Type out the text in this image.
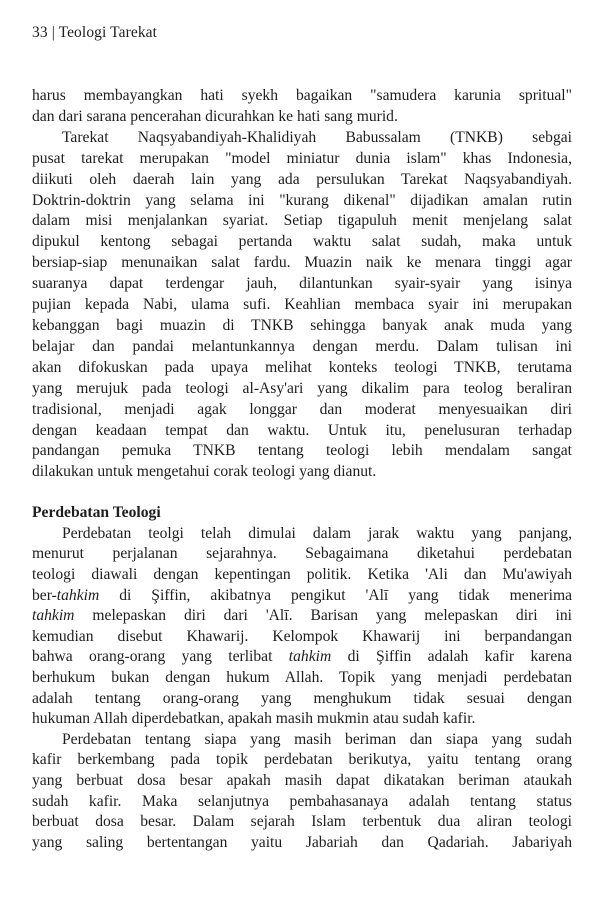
33 | Teologi Tarekat
harus membayangkan hati syekh bagaikan "samudera karunia spritual"
dan dari sarana pencerahan dicurahkan ke hati sang murid.
Tarekat Naqsyabandiyah-Khalidiyah Babussalam (TNKB) sebgai
pusat tarekat merupakan "model miniatur dunia islam" khas Indonesia,
diikuti oleh daerah lain yang ada persulukan Tarekat Naqsyabandiyah.
Doktrin-doktrin yang selama ini "kurang dikenal" dijadikan amalan rutin
dalam misi menjalankan syariat. Setiap tigapuluh menit menjelang salat
dipukul kentong sebagai pertanda waktu salat sudah, maka untuk
bersiap-siap menunaikan salat fardu. Muazin naik ke menara tinggi agar
suaranya dapat terdengar jauh, dilantunkan syair-syair yang isinya
pujian kepada Nabi, ulama sufi. Keahlian membaca syair ini merupakan
kebanggan bagi muazin di TNKB sehingga banyak anak muda yang
belajar dan pandai melantunkannya dengan merdu. Dalam tulisan ini
akan difokuskan pada upaya melihat konteks teologi TNKB, terutama
yang merujuk pada teologi al-Asy'ari yang dikalim para teolog beraliran
tradisional, menjadi agak longgar dan moderat menyesuaikan diri
dengan keadaan tempat dan waktu. Untuk itu, penelusuran terhadap
pandangan pemuka TNKB tentang teologi lebih mendalam sangat
dilakukan untuk mengetahui corak teologi yang dianut.
Perdebatan Teologi
Perdebatan teolgi telah dimulai dalam jarak waktu yang panjang,
menurut perjalanan sejarahnya. Sebagaimana diketahui perdebatan
teologi diawali dengan kepentingan politik. Ketika 'Ali dan Mu'awiyah
ber-tahkim di Şiffin, akibatnya pengikut 'Alī yang tidak menerima
tahkim melepaskan diri dari 'Alī. Barisan yang melepaskan diri ini
kemudian disebut Khawarij. Kelompok Khawarij ini berpandangan
bahwa orang-orang yang terlibat tahkim di Şiffin adalah kafir karena
berhukum bukan dengan hukum Allah. Topik yang menjadi perdebatan
adalah tentang orang-orang yang menghukum tidak sesuai dengan
hukuman Allah diperdebatkan, apakah masih mukmin atau sudah kafir.
Perdebatan tentang siapa yang masih beriman dan siapa yang sudah
kafir berkembang pada topik perdebatan berikutya, yaitu tentang orang
yang berbuat dosa besar apakah masih dapat dikatakan beriman ataukah
sudah kafir. Maka selanjutnya pembahasanaya adalah tentang status
berbuat dosa besar. Dalam sejarah Islam terbentuk dua aliran teologi
yang saling bertentangan yaitu Jabariah dan Qadariah. Jabariyah
